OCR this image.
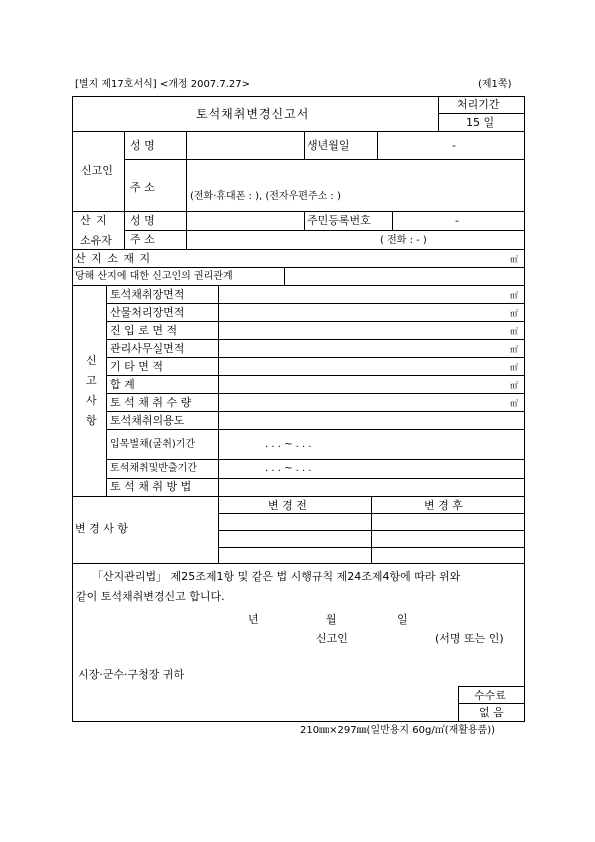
[별지 제17호서식] <개정 2007.7.27>	(제1쪽)
토석채취변경신고서
처리기간
15 일
신고인
성 명	생년월일	-
주 소
(전화·휴대폰 : ), (전자우편주소 : )
산 지
소유자
성 명	주민등록번호	-
주 소	( 전화 : - )
산 지 소 재 지	㎡
당해 산지에 대한 신고인의 권리관계
신
고
사
항
토석채취장면적	㎡
산물처리장면적	㎡
진 입 로 면 적	㎡
관리사무실면적	㎡
기 타 면 적	㎡
합 계	㎡
토 석 채 취 수 량	㎥
토석채취의용도
입목벌채(굴취)기간	. . . ~ . . .
토석채취및반출기간	. . . ~ . . .
토 석 채 취 방 법
변 경 사 항
변 경 전	변 경 후
「산지관리법」 제25조제1항 및 같은 법 시행규칙 제24조제4항에 따라 위와
같이 토석채취변경신고 합니다.
년	월	일
신고인	(서명 또는 인)
시장·군수·구청장 귀하
수수료
없 음
210㎜×297㎜(일반용지 60g/㎡(재활용품))
